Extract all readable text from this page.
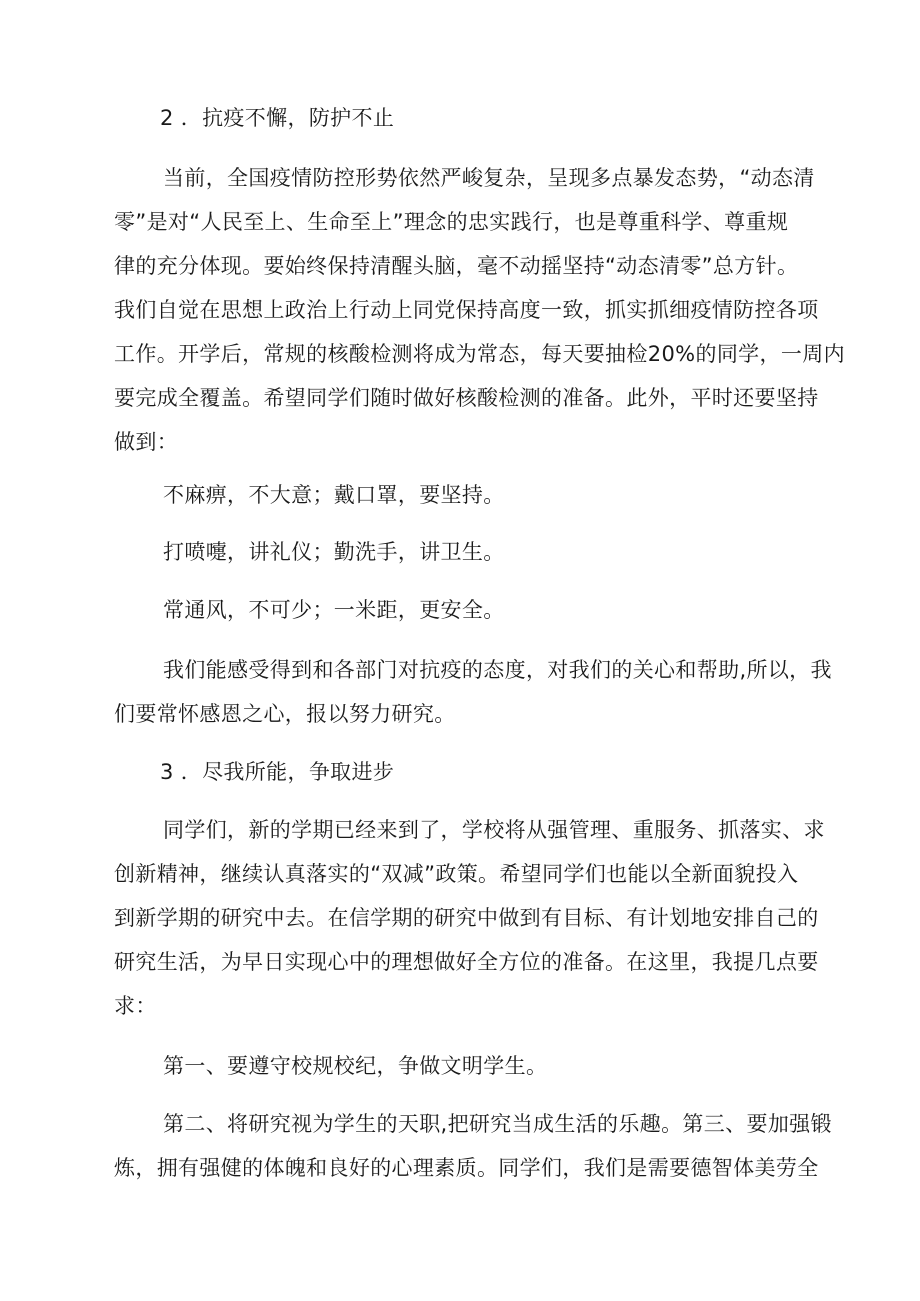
2 ．抗疫不懈，防护不止
当前，全国疫情防控形势依然严峻复杂，呈现多点暴发态势，“动态清
零”是对“人民至上、生命至上”理念的忠实践行，也是尊重科学、尊重规
律的充分体现。要始终保持清醒头脑，毫不动摇坚持“动态清零”总方针。
我们自觉在思想上政治上行动上同党保持高度一致，抓实抓细疫情防控各项
工作。开学后，常规的核酸检测将成为常态，每天要抽检20%的同学，一周内
要完成全覆盖。希望同学们随时做好核酸检测的准备。此外，平时还要坚持
做到：
不麻痹，不大意；戴口罩，要坚持。
打喷嚏，讲礼仪；勤洗手，讲卫生。
常通风，不可少；一米距，更安全。
我们能感受得到和各部门对抗疫的态度，对我们的关心和帮助,所以，我
们要常怀感恩之心，报以努力研究。
3 ．尽我所能，争取进步
同学们，新的学期已经来到了，学校将从强管理、重服务、抓落实、求
创新精神，继续认真落实的“双减”政策。希望同学们也能以全新面貌投入
到新学期的研究中去。在信学期的研究中做到有目标、有计划地安排自己的
研究生活，为早日实现心中的理想做好全方位的准备。在这里，我提几点要
求：
第一、要遵守校规校纪，争做文明学生。
第二、将研究视为学生的天职,把研究当成生活的乐趣。第三、要加强锻
炼，拥有强健的体魄和良好的心理素质。同学们，我们是需要德智体美劳全
